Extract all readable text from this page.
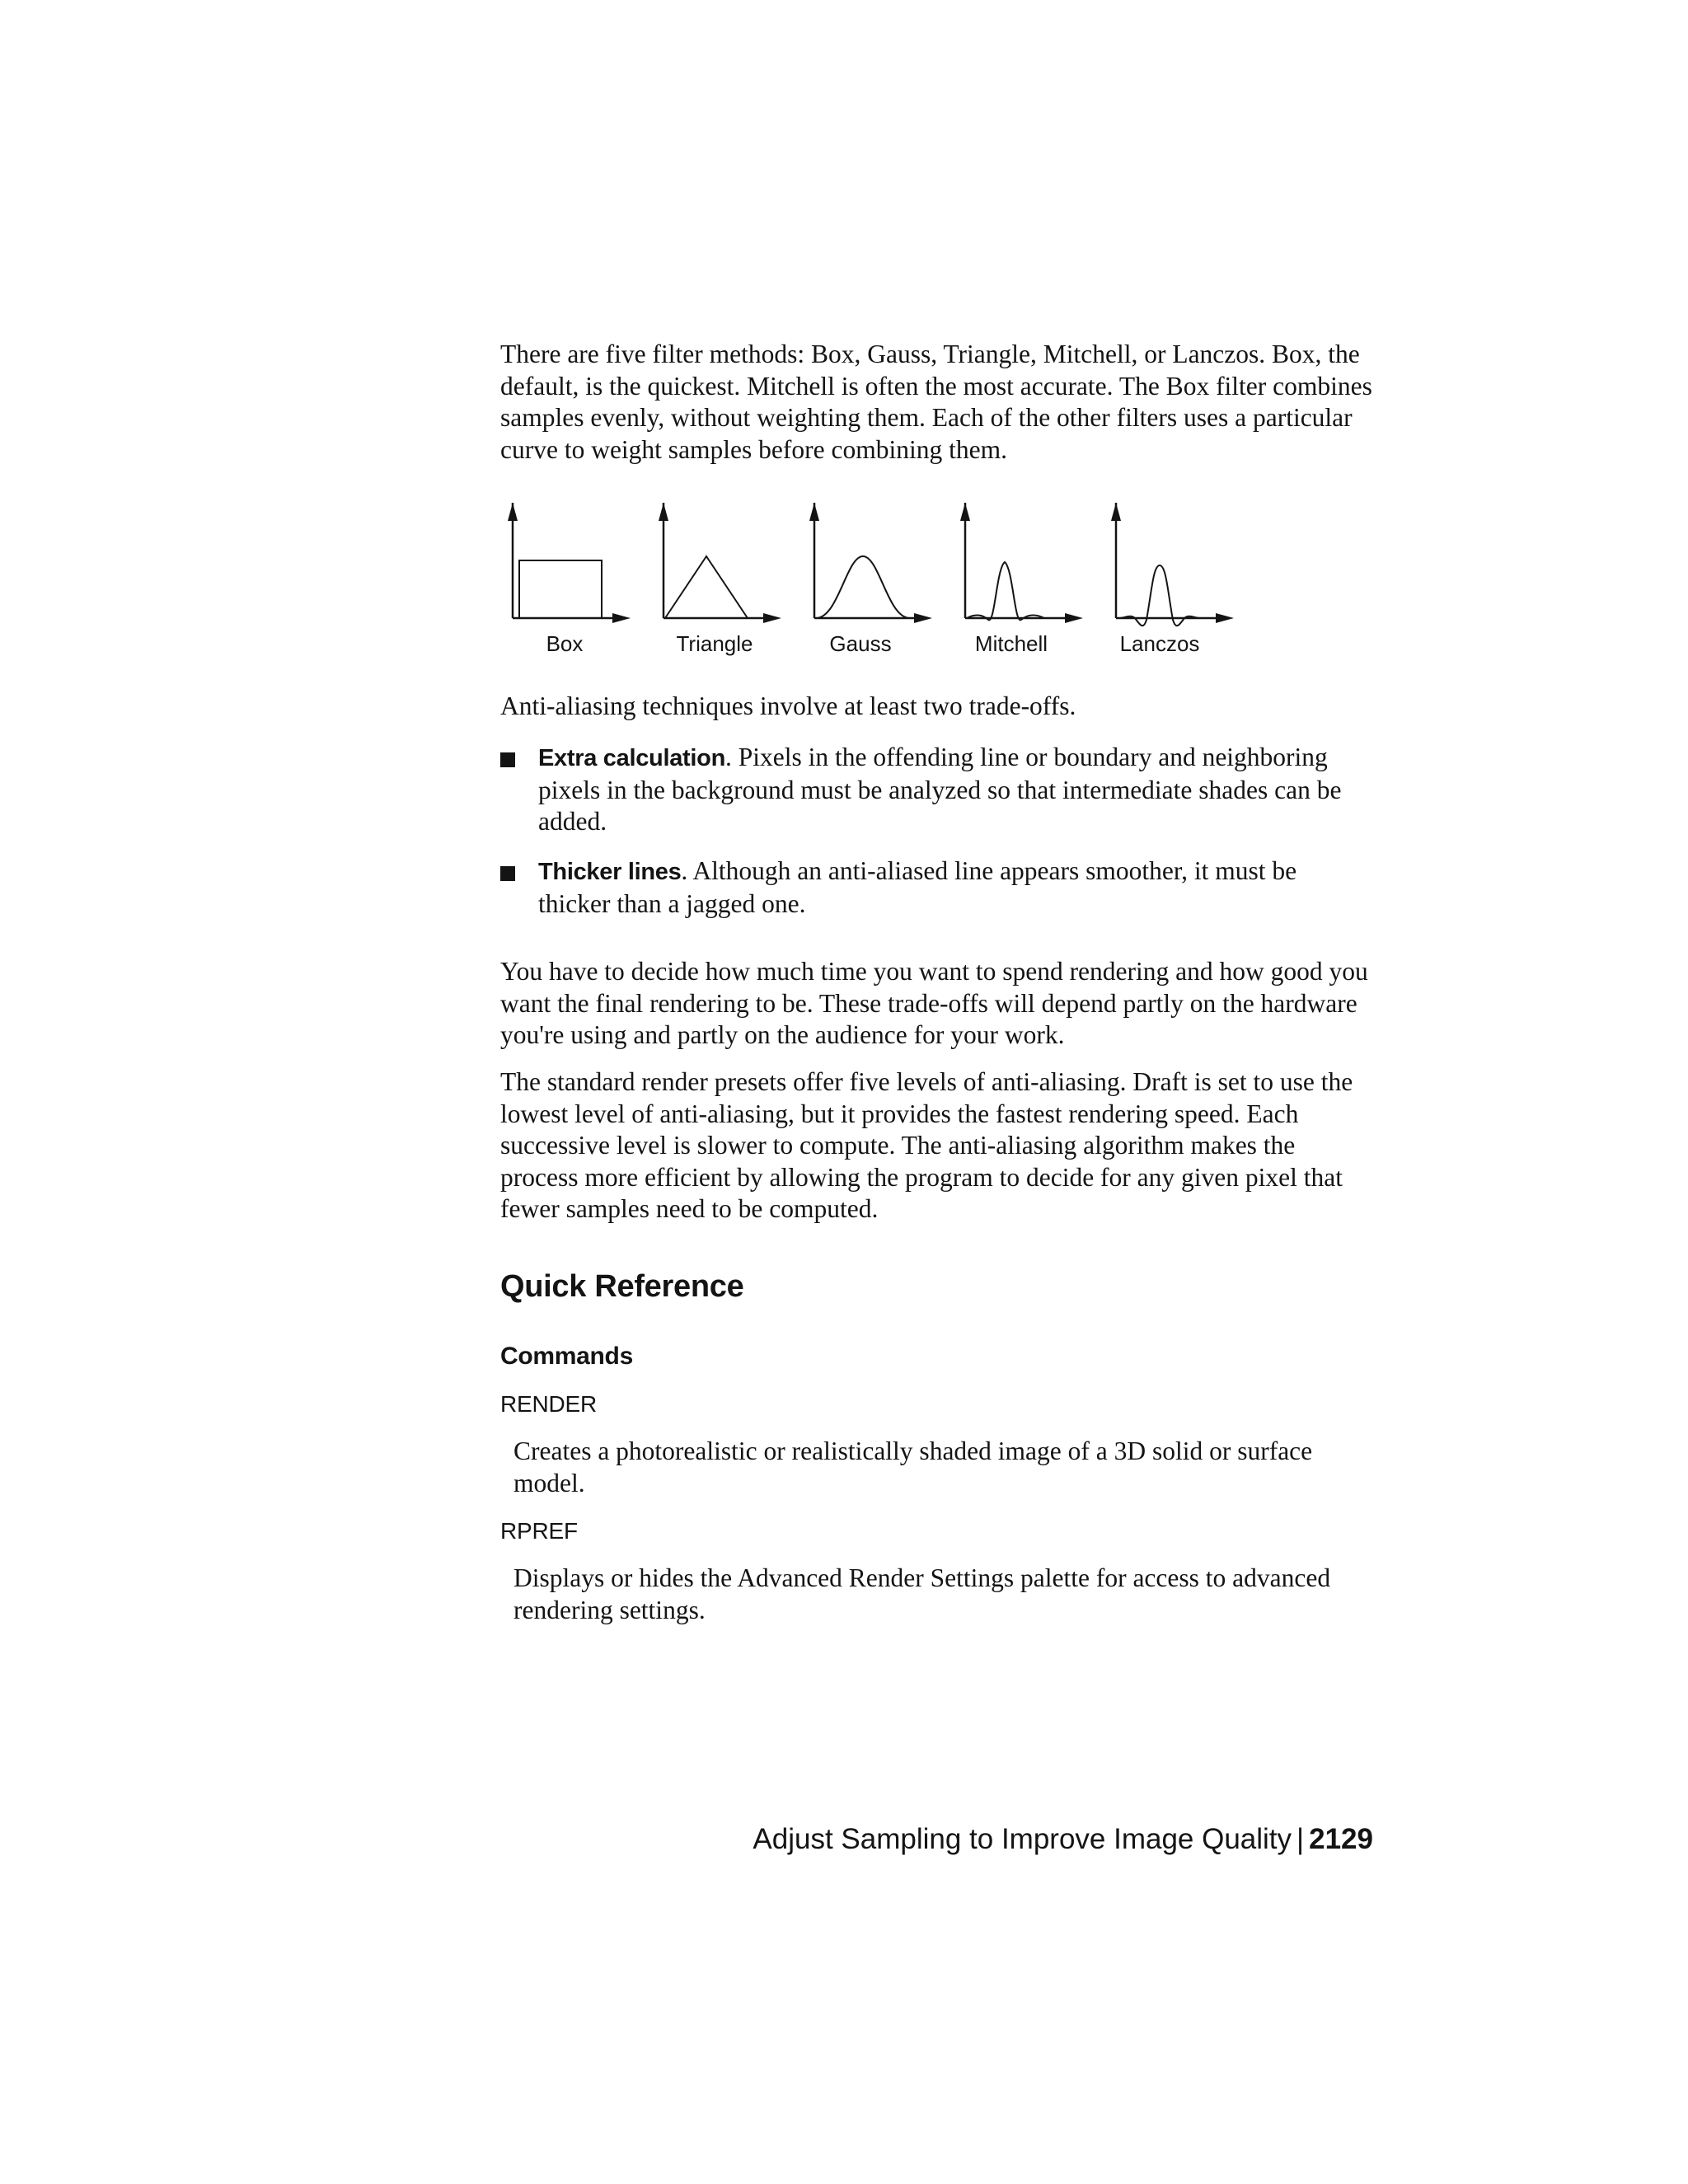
There are five filter methods: Box, Gauss, Triangle, Mitchell, or Lanczos. Box, the default, is the quickest. Mitchell is often the most accurate. The Box filter combines samples evenly, without weighting them. Each of the other filters uses a particular curve to weight samples before combining them.

Box	Triangle	Gauss	Mitchell	Lanczos

Anti-aliasing techniques involve at least two trade-offs.

Extra calculation. Pixels in the offending line or boundary and neighboring pixels in the background must be analyzed so that intermediate shades can be added.

Thicker lines. Although an anti-aliased line appears smoother, it must be thicker than a jagged one.

You have to decide how much time you want to spend rendering and how good you want the final rendering to be. These trade-offs will depend partly on the hardware you're using and partly on the audience for your work.

The standard render presets offer five levels of anti-aliasing. Draft is set to use the lowest level of anti-aliasing, but it provides the fastest rendering speed. Each successive level is slower to compute. The anti-aliasing algorithm makes the process more efficient by allowing the program to decide for any given pixel that fewer samples need to be computed.

Quick Reference
Commands
RENDER

Creates a photorealistic or realistically shaded image of a 3D solid or surface model.

RPREF

Displays or hides the Advanced Render Settings palette for access to advanced rendering settings.

Adjust Sampling to Improve Image Quality | 2129
